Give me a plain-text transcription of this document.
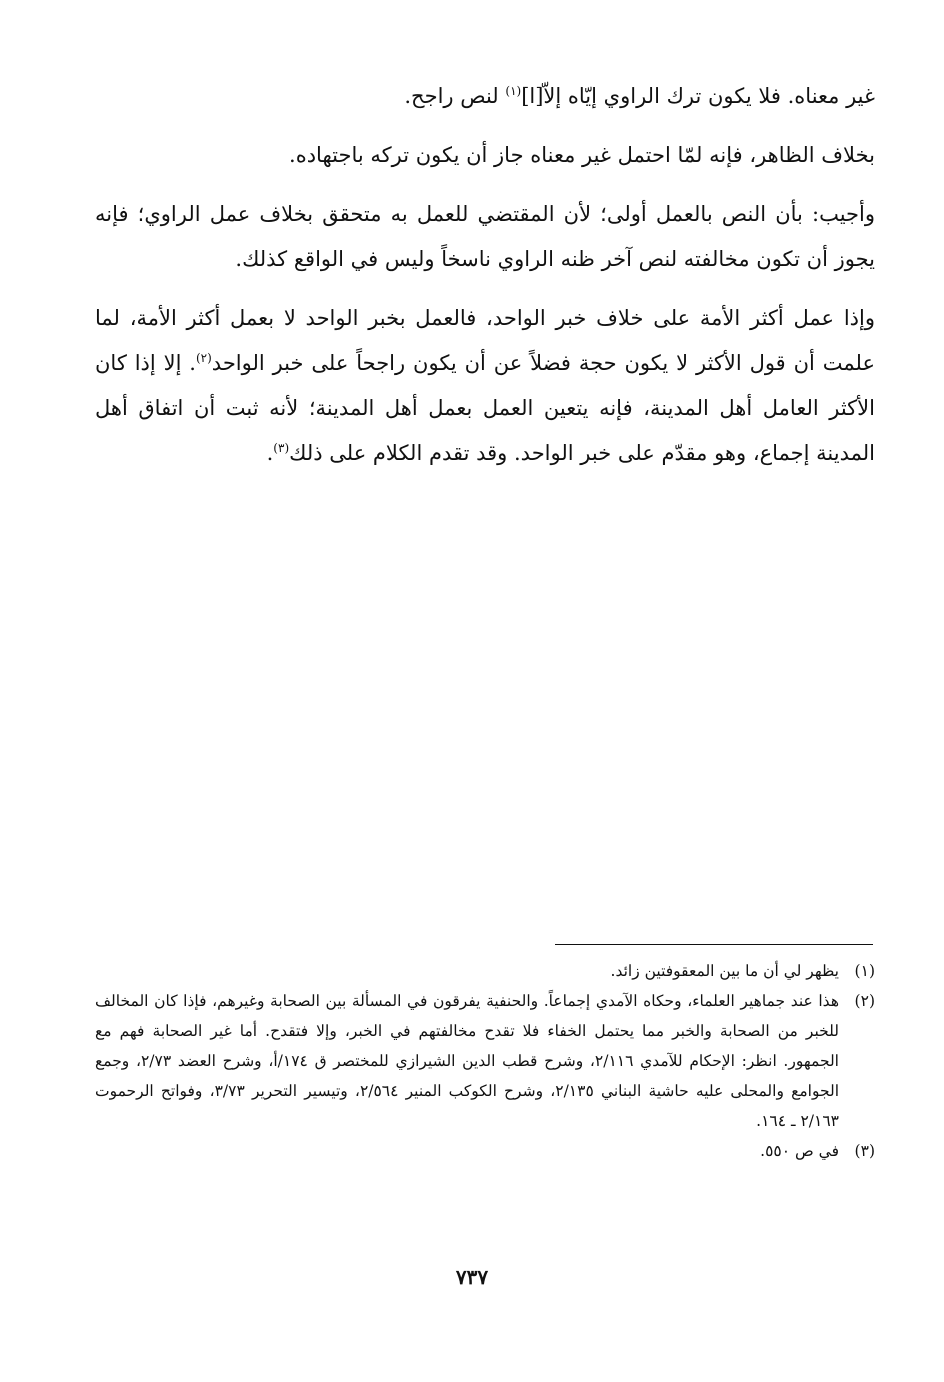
غير معناه. فلا يكون ترك الراوي إيّاه إلاّ[ا]$^{(١)}$ لنص راجح.

بخلاف الظاهر، فإنه لمّا احتمل غير معناه جاز أن يكون تركه باجتهاده.

وأجيب: بأن النص بالعمل أولى؛ لأن المقتضي للعمل به متحقق بخلاف عمل الراوي؛ فإنه يجوز أن تكون مخالفته لنص آخر ظنه الراوي ناسخاً وليس في الواقع كذلك.

وإذا عمل أكثر الأمة على خلاف خبر الواحد، فالعمل بخبر الواحد لا بعمل أكثر الأمة، لما علمت أن قول الأكثر لا يكون حجة فضلاً عن أن يكون راجحاً على خبر الواحد$^{(٢)}$. إلا إذا كان الأكثر العامل أهل المدينة، فإنه يتعين العمل بعمل أهل المدينة؛ لأنه ثبت أن اتفاق أهل المدينة إجماع، وهو مقدّم على خبر الواحد. وقد تقدم الكلام على ذلك$^{(٣)}$.

(١)
يظهر لي أن ما بين المعقوفتين زائد.
(٢)
هذا عند جماهير العلماء، وحكاه الآمدي إجماعاً. والحنفية يفرقون في المسألة بين الصحابة وغيرهم، فإذا كان المخالف للخبر من الصحابة والخبر مما يحتمل الخفاء فلا تقدح مخالفتهم في الخبر، وإلا فتقدح. أما غير الصحابة فهم مع الجمهور. انظر: الإحكام للآمدي ٢/١١٦، وشرح قطب الدين الشيرازي للمختصر ق ١٧٤/أ، وشرح العضد ٢/٧٣، وجمع الجوامع والمحلى عليه حاشية البناني ٢/١٣٥، وشرح الكوكب المنير ٢/٥٦٤، وتيسير التحرير ٣/٧٣، وفواتح الرحموت ٢/١٦٣ ـ ١٦٤.
(٣)
في ص ٥٥٠.
٧٣٧
